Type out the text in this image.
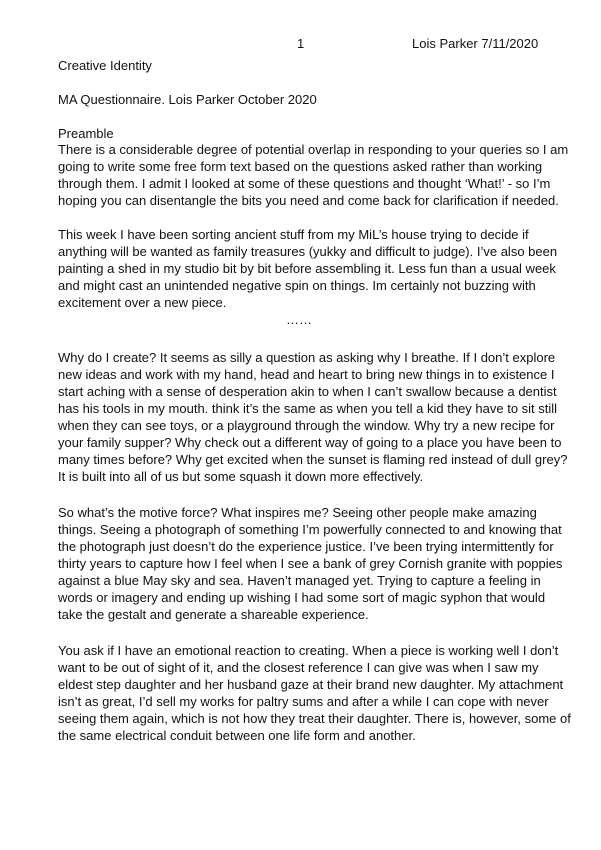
1	Lois Parker 7/11/2020
Creative Identity
MA Questionnaire. Lois Parker October 2020
Preamble
There is a considerable degree of potential overlap in responding to your queries so I am
going to write some free form text based on the questions asked rather than working
through them. I admit I looked at some of these questions and thought ‘What!’ - so I’m
hoping you can disentangle the bits you need and come back for clarification if needed.
This week I have been sorting ancient stuff from my MiL’s house trying to decide if
anything will be wanted as family treasures (yukky and difficult to judge). I’ve also been
painting a shed in my studio bit by bit before assembling it. Less fun than a usual week
and might cast an unintended negative spin on things. Im certainly not buzzing with
excitement over a new piece.
Why do I create? It seems as silly a question as asking why I breathe. If I don’t explore
new ideas and work with my hand, head and heart to bring new things in to existence I
start aching with a sense of desperation akin to when I can’t swallow because a dentist
has his tools in my mouth. think it’s the same as when you tell a kid they have to sit still
when they can see toys, or a playground through the window. Why try a new recipe for
your family supper? Why check out a different way of going to a place you have been to
many times before? Why get excited when the sunset is flaming red instead of dull grey?
It is built into all of us but some squash it down more effectively.
So what’s the motive force? What inspires me? Seeing other people make amazing
things. Seeing a photograph of something I’m powerfully connected to and knowing that
the photograph just doesn’t do the experience justice. I’ve been trying intermittently for
thirty years to capture how I feel when I see a bank of grey Cornish granite with poppies
against a blue May sky and sea. Haven’t managed yet. Trying to capture a feeling in
words or imagery and ending up wishing I had some sort of magic syphon that would
take the gestalt and generate a shareable experience.
You ask if I have an emotional reaction to creating. When a piece is working well I don’t
want to be out of sight of it, and the closest reference I can give was when I saw my
eldest step daughter and her husband gaze at their brand new daughter. My attachment
isn’t as great, I’d sell my works for paltry sums and after a while I can cope with never
seeing them again, which is not how they treat their daughter. There is, however, some of
the same electrical conduit between one life form and another.
……
